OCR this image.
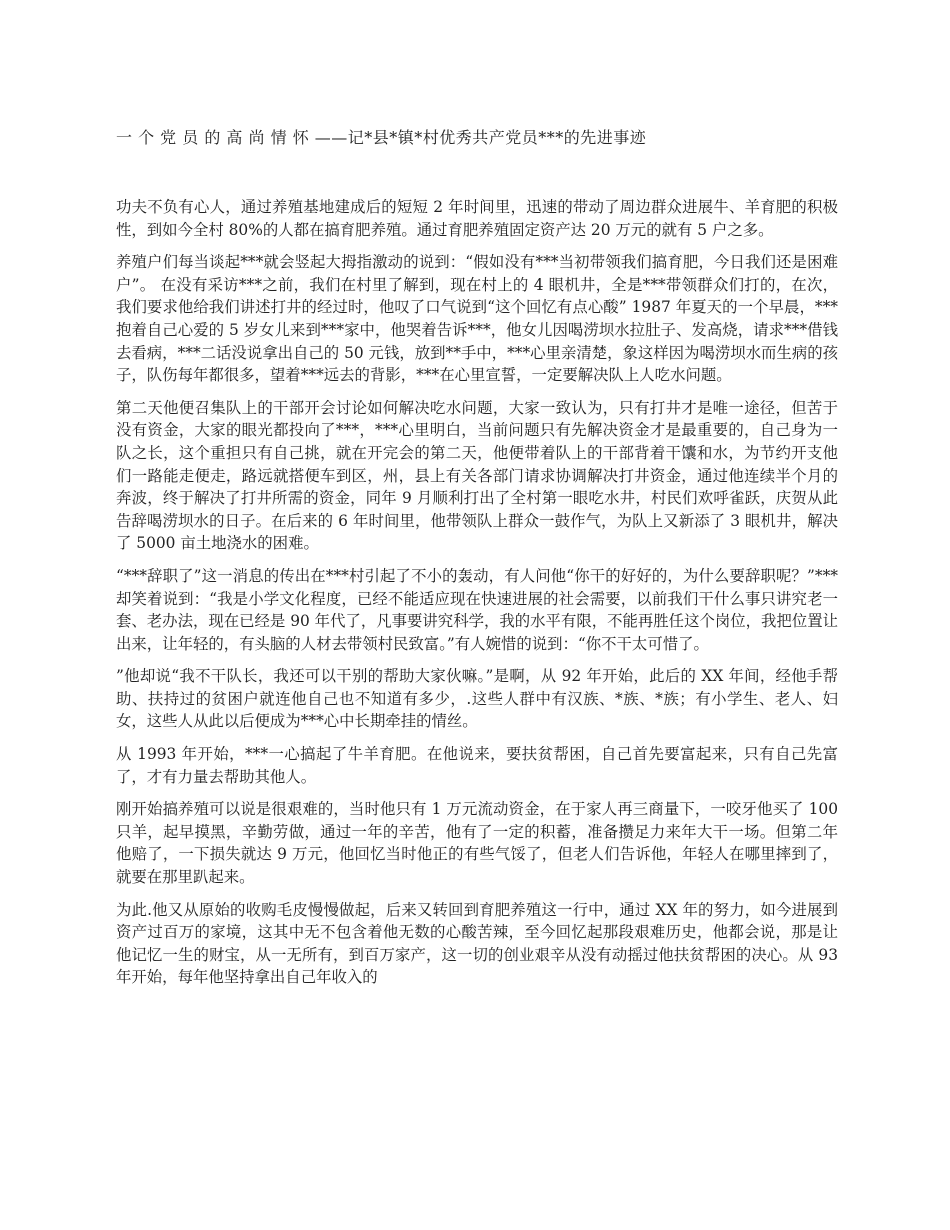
一 个 党 员 的 高 尚 情 怀 ——记*县*镇*村优秀共产党员***的先进事迹

功夫不负有心人，通过养殖基地建成后的短短 2 年时间里，迅速的带动了周边群众进展牛、羊育肥的积极性，到如今全村 80%的人都在搞育肥养殖。通过育肥养殖固定资产达 20 万元的就有 5 户之多。

养殖户们每当谈起***就会竖起大拇指激动的说到：“假如没有***当初带领我们搞育肥，今日我们还是困难户”。 在没有采访***之前，我们在村里了解到，现在村上的 4 眼机井，全是***带领群众们打的，在次，我们要求他给我们讲述打井的经过时，他叹了口气说到“这个回忆有点心酸” 1987 年夏天的一个早晨，***抱着自己心爱的 5 岁女儿来到***家中，他哭着告诉***，他女儿因喝涝坝水拉肚子、发高烧，请求***借钱去看病，***二话没说拿出自己的 50 元钱，放到**手中，***心里亲清楚，象这样因为喝涝坝水而生病的孩子，队伤每年都很多，望着***远去的背影，***在心里宣誓，一定要解决队上人吃水问题。

第二天他便召集队上的干部开会讨论如何解决吃水问题，大家一致认为，只有打井才是唯一途径，但苦于没有资金，大家的眼光都投向了***，***心里明白，当前问题只有先解决资金才是最重要的，自己身为一队之长，这个重担只有自己挑，就在开完会的第二天，他便带着队上的干部背着干馕和水，为节约开支他们一路能走便走，路远就搭便车到区，州，县上有关各部门请求协调解决打井资金，通过他连续半个月的奔波，终于解决了打井所需的资金，同年 9 月顺利打出了全村第一眼吃水井，村民们欢呼雀跃，庆贺从此告辞喝涝坝水的日子。在后来的 6 年时间里，他带领队上群众一鼓作气，为队上又新添了 3 眼机井，解决了 5000 亩土地浇水的困难。

“***辞职了”这一消息的传出在***村引起了不小的轰动，有人问他“你干的好好的，为什么要辞职呢？”***却笑着说到：“我是小学文化程度，已经不能适应现在快速进展的社会需要，以前我们干什么事只讲究老一套、老办法，现在已经是 90 年代了，凡事要讲究科学，我的水平有限，不能再胜任这个岗位，我把位置让出来，让年轻的，有头脑的人材去带领村民致富。”有人婉惜的说到：“你不干太可惜了。

”他却说“我不干队长，我还可以干别的帮助大家伙嘛。”是啊，从 92 年开始，此后的 XX 年间，经他手帮助、扶持过的贫困户就连他自己也不知道有多少，.这些人群中有汉族、*族、*族；有小学生、老人、妇女，这些人从此以后便成为***心中长期牵挂的情丝。

从 1993 年开始，***一心搞起了牛羊育肥。在他说来，要扶贫帮困，自己首先要富起来，只有自己先富了，才有力量去帮助其他人。

刚开始搞养殖可以说是很艰难的，当时他只有 1 万元流动资金，在于家人再三商量下，一咬牙他买了 100 只羊，起早摸黑，辛勤劳做，通过一年的辛苦，他有了一定的积蓄，准备攒足力来年大干一场。但第二年他赔了，一下损失就达 9 万元，他回忆当时他正的有些气馁了，但老人们告诉他，年轻人在哪里摔到了，就要在那里趴起来。

为此.他又从原始的收购毛皮慢慢做起，后来又转回到育肥养殖这一行中，通过 XX 年的努力，如今进展到资产过百万的家境，这其中无不包含着他无数的心酸苦辣，至今回忆起那段艰难历史，他都会说，那是让他记忆一生的财宝，从一无所有，到百万家产，这一切的创业艰辛从没有动摇过他扶贫帮困的决心。从 93 年开始，每年他坚持拿出自己年收入的
